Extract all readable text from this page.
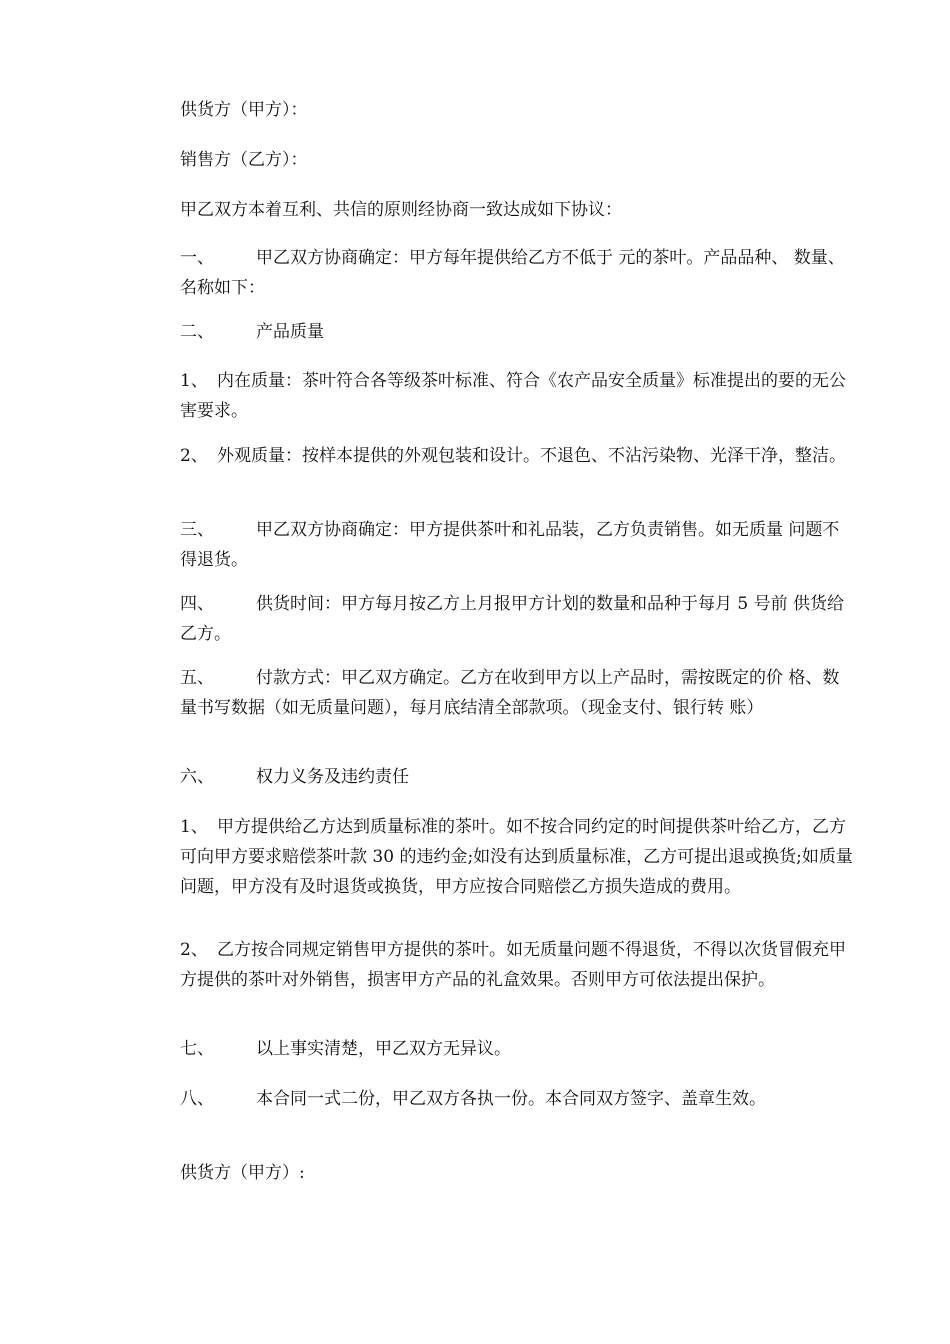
供货方（甲方）：

销售方（乙方）：

甲乙双方本着互利、共信的原则经协商一致达成如下协议：

一、 甲乙双方协商确定：甲方每年提供给乙方不低于 元的茶叶。产品品种、 数量、名称如下：

二、 产品质量

1、 内在质量：茶叶符合各等级茶叶标准、符合《农产品安全质量》标准提出的要的无公害要求。

2、 外观质量：按样本提供的外观包装和设计。不退色、不沾污染物、光泽干净，整洁。

三、 甲乙双方协商确定：甲方提供茶叶和礼品装，乙方负责销售。如无质量 问题不得退货。

四、 供货时间：甲方每月按乙方上月报甲方计划的数量和品种于每月 5 号前 供货给乙方。

五、 付款方式：甲乙双方确定。乙方在收到甲方以上产品时，需按既定的价 格、数量书写数据（如无质量问题），每月底结清全部款项。（现金支付、银行转 账）

六、 权力义务及违约责任

1、 甲方提供给乙方达到质量标准的茶叶。如不按合同约定的时间提供茶叶给乙方，乙方可向甲方要求赔偿茶叶款 30 的违约金;如没有达到质量标准，乙方可提出退或换货;如质量问题，甲方没有及时退货或换货，甲方应按合同赔偿乙方损失造成的费用。

2、 乙方按合同规定销售甲方提供的茶叶。如无质量问题不得退货，不得以次货冒假充甲方提供的茶叶对外销售，损害甲方产品的礼盒效果。否则甲方可依法提出保护。

七、 以上事实清楚，甲乙双方无异议。

八、 本合同一式二份，甲乙双方各执一份。本合同双方签字、盖章生效。

供货方（甲方）:
